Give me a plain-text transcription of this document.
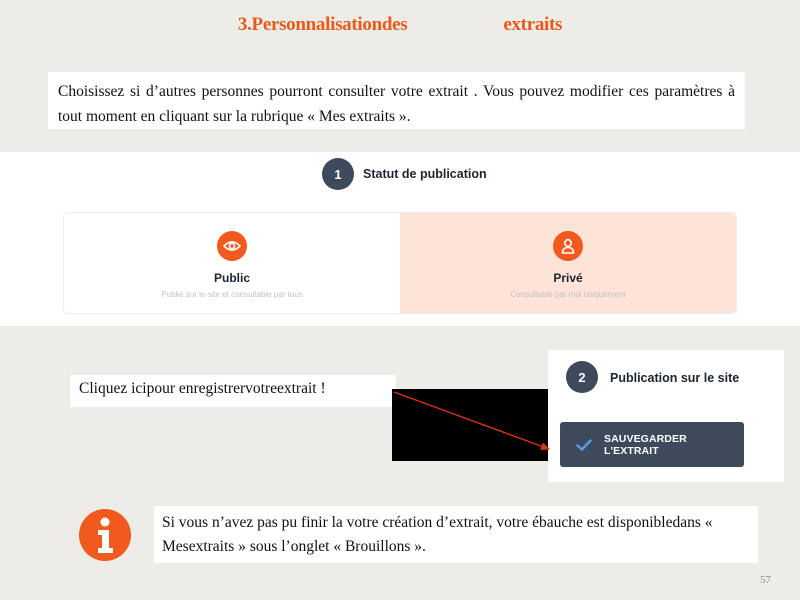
3.Personnalisationdes	extraits
Choisissez si d’autres personnes pourront consulter votre extrait . Vous pouvez modifier ces paramètres à tout moment en cliquant sur la rubrique « Mes extraits ».
1	Statut de publication
Public
Publié sur le site et consultable par tous
Privé
Consultable par moi uniquement
Cliquez icipour enregistrervotreextrait !
2	Publication sur le site
SAUVEGARDER L'EXTRAIT
Si vous n’avez pas pu finir la votre création d’extrait, votre ébauche est disponibledans « Mesextraits » sous l’onglet « Brouillons ».
57
